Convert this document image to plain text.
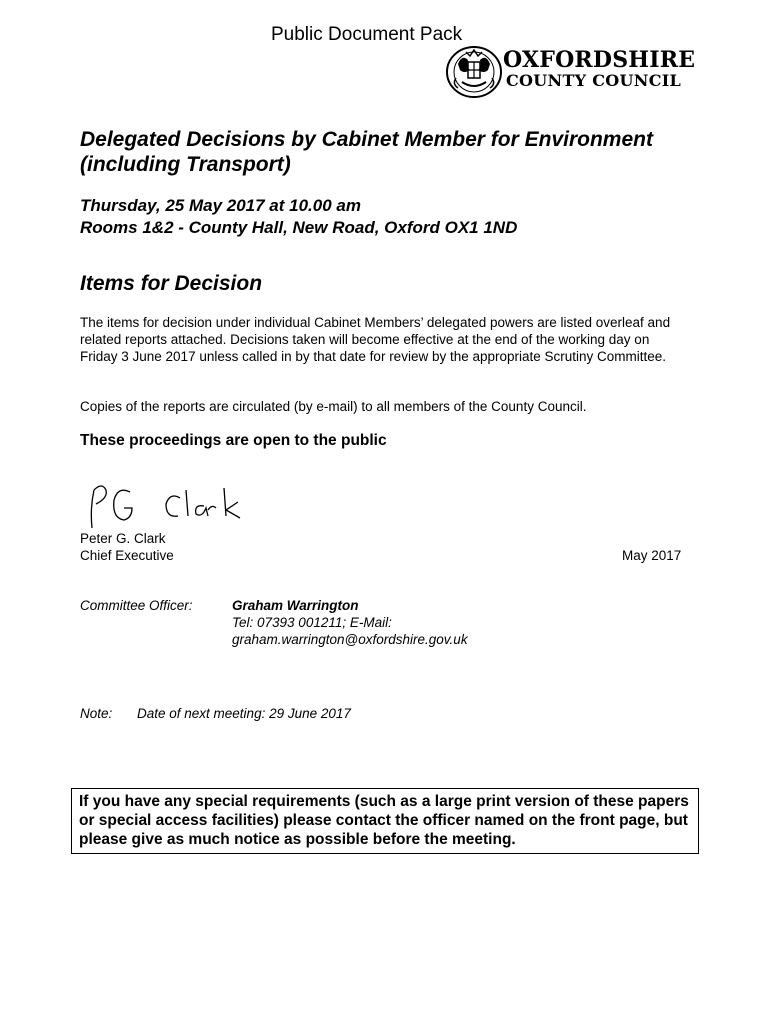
Public Document Pack
OXFORDSHIRE
COUNTY COUNCIL
Delegated Decisions by Cabinet Member for Environment (including Transport)
Thursday, 25 May 2017 at 10.00 am
Rooms 1&2 - County Hall, New Road, Oxford OX1 1ND
Items for Decision
The items for decision under individual Cabinet Members’ delegated powers are listed overleaf and related reports attached. Decisions taken will become effective at the end of the working day on Friday 3 June 2017 unless called in by that date for review by the appropriate Scrutiny Committee.
Copies of the reports are circulated (by e-mail) to all members of the County Council.
These proceedings are open to the public
Peter G. Clark
Chief Executive	May 2017
Committee Officer:	Graham Warrington
Tel: 07393 001211; E-Mail:
graham.warrington@oxfordshire.gov.uk
Note: Date of next meeting: 29 June 2017
If you have any special requirements (such as a large print version of these papers or special access facilities) please contact the officer named on the front page, but please give as much notice as possible before the meeting.
